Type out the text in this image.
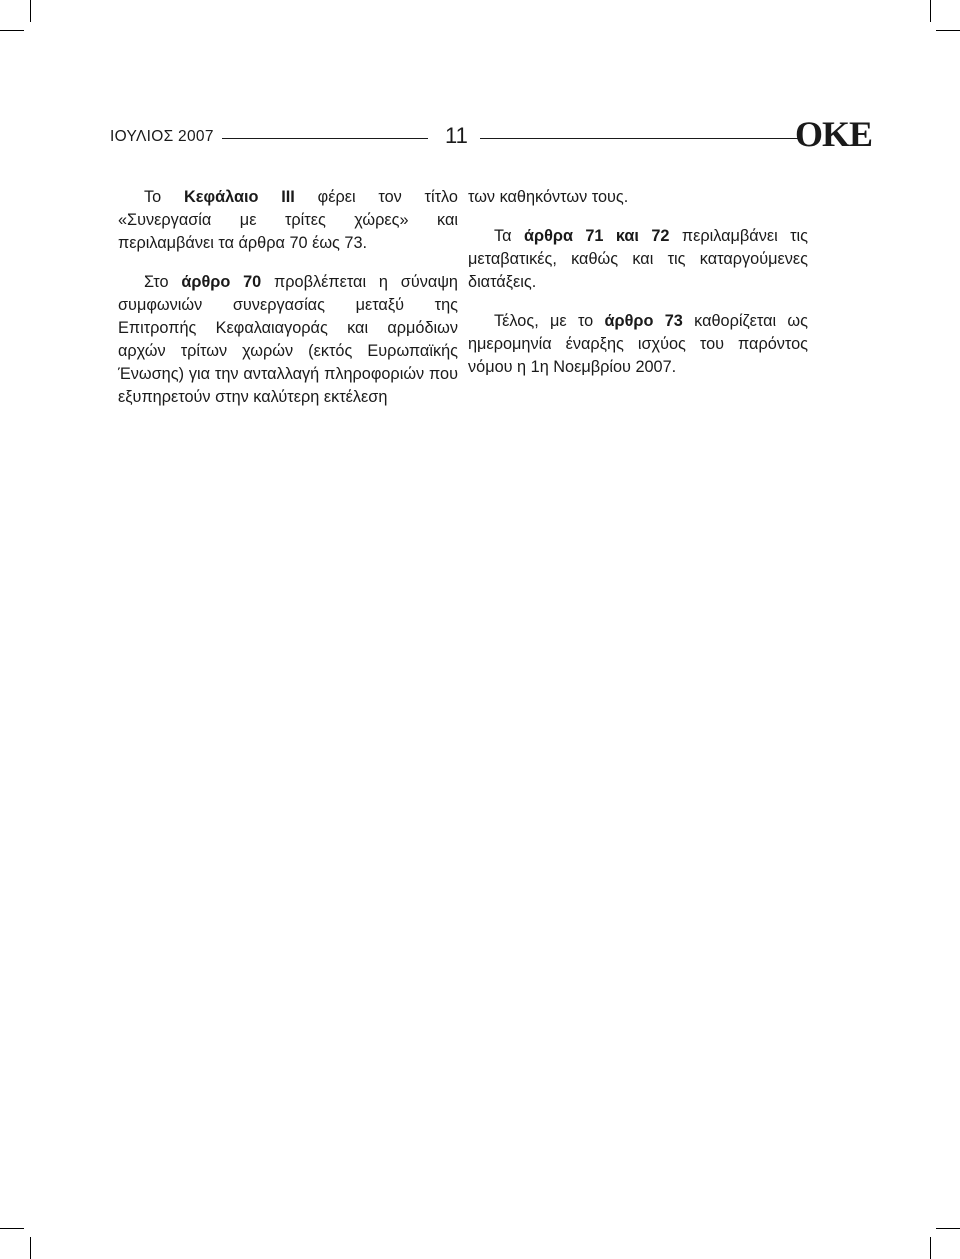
ΙΟΥΛΙΟΣ 2007	11	ΟΚΕ

Το Κεφάλαιο ΙΙΙ φέρει τον τίτλο «Συνεργασία με τρίτες χώρες» και περιλαμβάνει τα άρθρα 70 έως 73.

Στο άρθρο 70 προβλέπεται η σύναψη συμφωνιών συνεργασίας μεταξύ της Επιτροπής Κεφαλαιαγοράς και αρμόδιων αρχών τρίτων χωρών (εκτός Ευρωπαϊκής Ένωσης) για την ανταλλαγή πληροφοριών που εξυπηρετούν στην καλύτερη εκτέλεση

των καθηκόντων τους.

Τα άρθρα 71 και 72 περιλαμβάνει τις μεταβατικές, καθώς και τις καταργούμενες διατάξεις.

Τέλος, με το άρθρο 73 καθορίζεται ως ημερομηνία έναρξης ισχύος του παρόντος νόμου η 1η Νοεμβρίου 2007.
